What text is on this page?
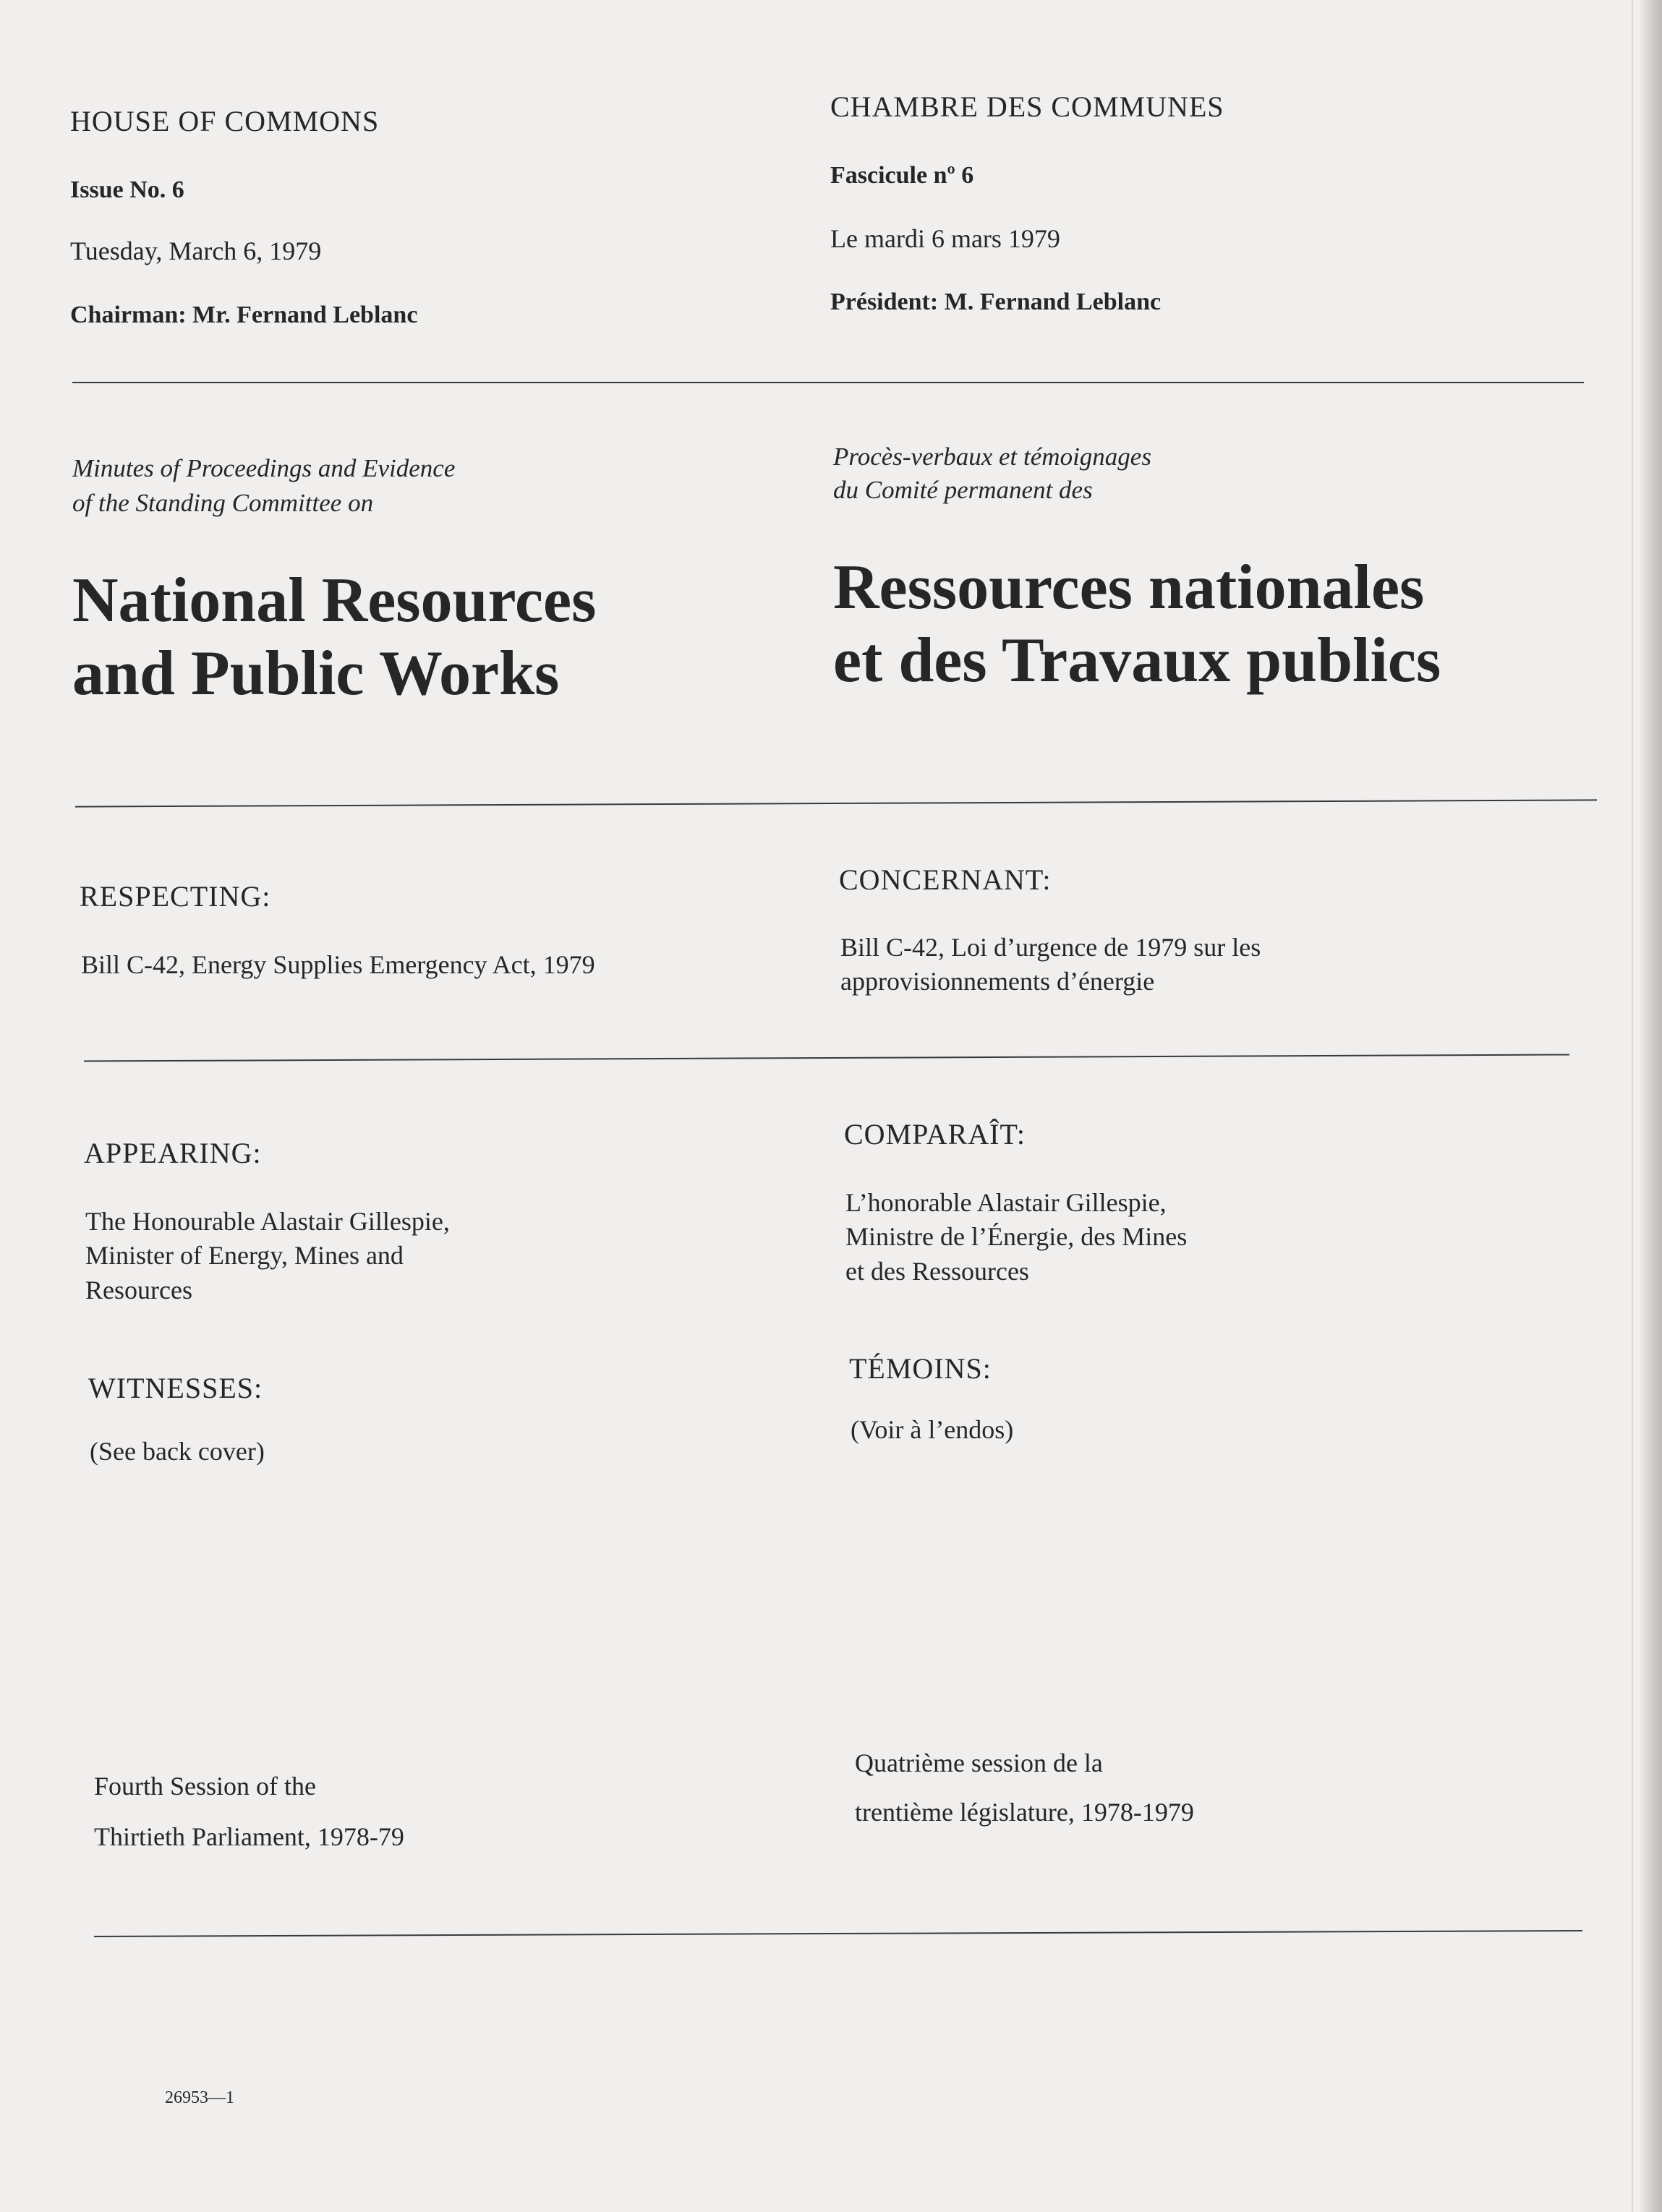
HOUSE OF COMMONS	CHAMBRE DES COMMUNES
Issue No. 6
Fascicule nº 6
Tuesday, March 6, 1979	Le mardi 6 mars 1979
Chairman: Mr. Fernand Leblanc	Président: M. Fernand Leblanc
Minutes of Proceedings and Evidence
of the Standing Committee on
Procès-verbaux et témoignages
du Comité permanent des
National Resources
and Public Works
Ressources nationales
et des Travaux publics
RESPECTING:
Bill C-42, Energy Supplies Emergency Act, 1979
CONCERNANT:
Bill C-42, Loi d’urgence de 1979 sur les
approvisionnements d’énergie
APPEARING:
The Honourable Alastair Gillespie,
Minister of Energy, Mines and
Resources
COMPARAÎT:
L’honorable Alastair Gillespie,
Ministre de l’Énergie, des Mines
et des Ressources
WITNESSES:
(See back cover)
TÉMOINS:
(Voir à l’endos)
Fourth Session of the
Thirtieth Parliament, 1978-79
Quatrième session de la
trentième législature, 1978-1979
26953—1
